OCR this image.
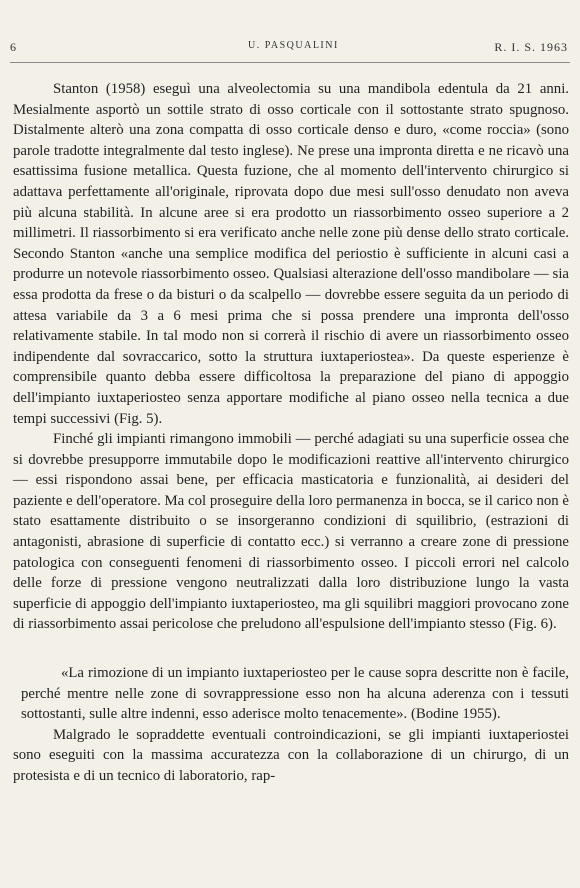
6	U. PASQUALINI	R. I. S. 1963

Stanton (1958) eseguì una alveolectomia su una mandibola edentula da 21 anni. Mesialmente asportò un sottile strato di osso corticale con il sottostante strato spugnoso. Distalmente alterò una zona compatta di osso corticale denso e duro, «come roccia» (sono parole tradotte integralmente dal testo inglese). Ne prese una impronta diretta e ne ricavò una esattissima fusione metallica. Questa fuzione, che al momento dell'intervento chirurgico si adattava perfettamente all'originale, riprovata dopo due mesi sull'osso denudato non aveva più alcuna stabilità. In alcune aree si era prodotto un riassorbimento osseo superiore a 2 millimetri. Il riassorbimento si era verificato anche nelle zone più dense dello strato corticale. Secondo Stanton «anche una semplice modifica del periostio è sufficiente in alcuni casi a produrre un notevole riassorbimento osseo. Qualsiasi alterazione dell'osso mandibolare — sia essa prodotta da frese o da bisturi o da scalpello — dovrebbe essere seguita da un periodo di attesa variabile da 3 a 6 mesi prima che si possa prendere una impronta dell'osso relativamente stabile. In tal modo non si correrà il rischio di avere un riassorbimento osseo indipendente dal sovraccarico, sotto la struttura iuxtaperiostea». Da queste esperienze è comprensibile quanto debba essere difficoltosa la preparazione del piano di appoggio dell'impianto iuxtaperiosteo senza apportare modifiche al piano osseo nella tecnica a due tempi successivi (Fig. 5).

Finché gli impianti rimangono immobili — perché adagiati su una superficie ossea che si dovrebbe presupporre immutabile dopo le modificazioni reattive all'intervento chirurgico — essi rispondono assai bene, per efficacia masticatoria e funzionalità, ai desideri del paziente e dell'operatore. Ma col proseguire della loro permanenza in bocca, se il carico non è stato esattamente distribuito o se insorgeranno condizioni di squilibrio, (estrazioni di antagonisti, abrasione di superficie di contatto ecc.) si verranno a creare zone di pressione patologica con conseguenti fenomeni di riassorbimento osseo. I piccoli errori nel calcolo delle forze di pressione vengono neutralizzati dalla loro distribuzione lungo la vasta superficie di appoggio dell'impianto iuxtaperiosteo, ma gli squilibri maggiori provocano zone di riassorbimento assai pericolose che preludono all'espulsione dell'impianto stesso (Fig. 6).

«La rimozione di un impianto iuxtaperiosteo per le cause sopra descritte non è facile, perché mentre nelle zone di sovrappressione esso non ha alcuna aderenza con i tessuti sottostanti, sulle altre indenni, esso aderisce molto tenacemente». (Bodine 1955).

Malgrado le sopraddette eventuali controindicazioni, se gli impianti iuxtaperiostei sono eseguiti con la massima accuratezza con la collaborazione di un chirurgo, di un protesista e di un tecnico di laboratorio, rap-
